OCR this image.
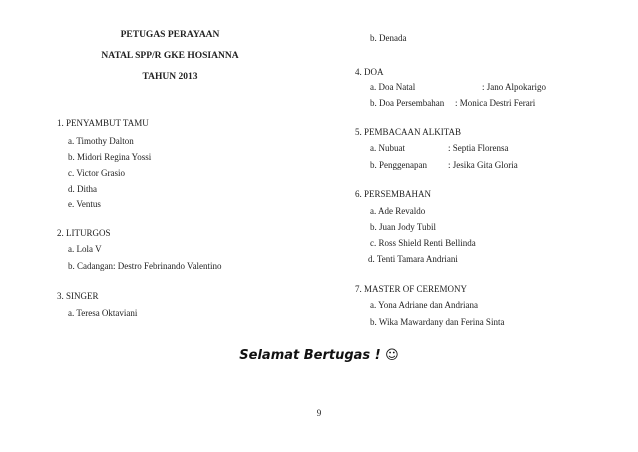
PETUGAS PERAYAAN
NATAL SPP/R GKE HOSIANNA
TAHUN 2013
1. PENYAMBUT TAMU
a. Timothy Dalton
b. Midori Regina Yossi
c. Victor Grasio
d. Ditha
e. Ventus
2. LITURGOS
a. Lola V
b. Cadangan: Destro Febrinando Valentino
3. SINGER
a. Teresa Oktaviani
b. Denada
4. DOA
a. Doa Natal	: Jano Alpokarigo
b. Doa Persembahan : Monica Destri Ferari
5. PEMBACAAN ALKITAB
a. Nubuat	: Septia Florensa
b. Penggenapan : Jesika Gita Gloria
6. PERSEMBAHAN
a. Ade Revaldo
b. Juan Jody Tubil
c. Ross Shield Renti Bellinda
d. Tenti Tamara Andriani
7. MASTER OF CEREMONY
a. Yona Adriane dan Andriana
b. Wika Mawardany dan Ferina Sinta
Selamat Bertugas ! ☺
9
